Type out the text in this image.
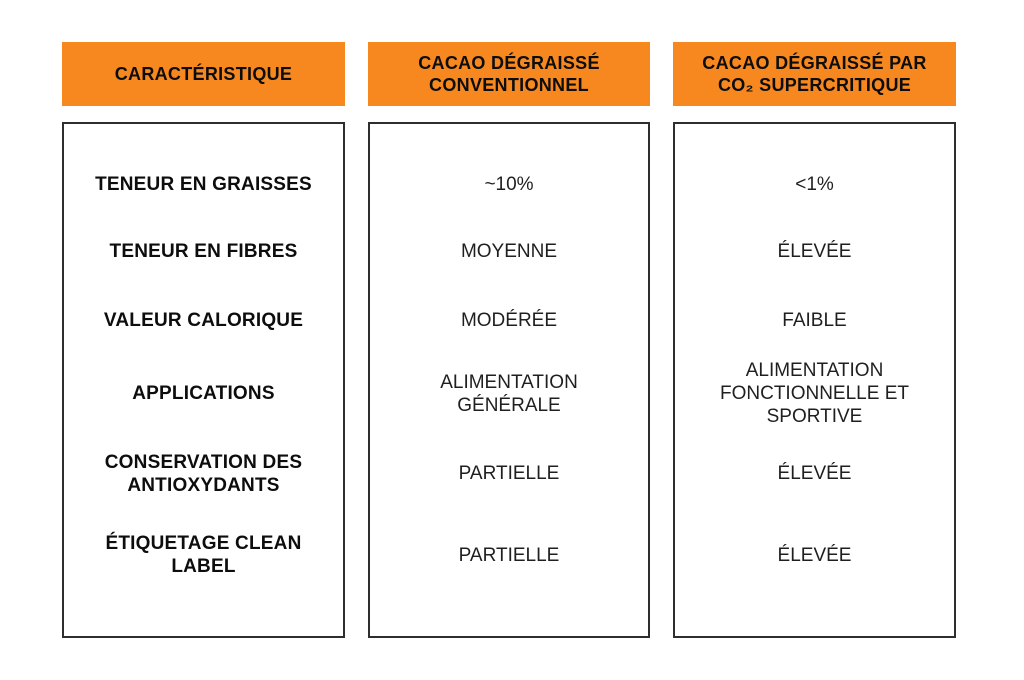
CARACTÉRISTIQUE
TENEUR EN GRAISSES
TENEUR EN FIBRES
VALEUR CALORIQUE
APPLICATIONS
CONSERVATION DES ANTIOXYDANTS
ÉTIQUETAGE CLEAN LABEL
CACAO DÉGRAISSÉ CONVENTIONNEL
~10%
MOYENNE
MODÉRÉE
ALIMENTATION GÉNÉRALE
PARTIELLE
PARTIELLE
CACAO DÉGRAISSÉ PAR CO₂ SUPERCRITIQUE
<1%
ÉLEVÉE
FAIBLE
ALIMENTATION FONCTIONNELLE ET SPORTIVE
ÉLEVÉE
ÉLEVÉE
